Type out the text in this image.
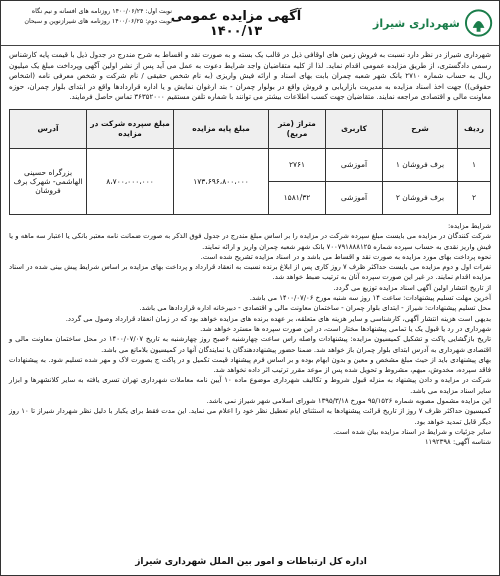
شهرداری شیراز
آگهی مزایده عمومی ۱۴۰۰/۱۳
نوبت اول: ۱۴۰۰/۰۶/۲۴ روزنامه های افسانه و نیم نگاه
نوبت دوم: ۱۴۰۰/۰۶/۲۵ روزنامه های شیرازنوین و سبحان
شهرداری شیراز در نظر دارد نسبت به فروش زمین های اوقافی ذیل در قالب یک بسته و به صورت نقد و اقساط به شرح مندرج در جدول ذیل با قیمت پایه کارشناس رسمی دادگستری، از طریق مزایده عمومی اقدام نماید. لذا از کلیه متقاضیان واجد شرایط دعوت به عمل می آید پس از نشر اولین آگهی وپرداخت مبلغ یک میلیون ریال به حساب شماره ۲۷۱۰ بانک شهر شعبه چمران بابت بهای اسناد و ارائه فیش واریزی (به نام شخص حقیقی / نام شرکت و شخص معرفی نامه (اشخاص حقوقی)) جهت اخذ اسناد مزایده به مدیریت بازاریابی و فروش واقع در بولوار چمران - بند ارغوان نمایش و یا اداره قراردادها واقع در ابتدای بلوار چمران، حوزه معاونت مالی و اقتصادی مراجعه نمایند. متقاضیان جهت کسب اطلاعات بیشتر می توانند با شماره تلفن مستقیم ۳۶۳۵۲۰۰۰ تماس حاصل فرمایند.
ردیف	شرح	کاربری	متراژ (متر مربع)	مبلغ پایه مزایده	مبلغ سپرده شرکت در مزایده	آدرس
۱	برف فروشان ۱	آموزشی	۲۷۶۱	۱۷۳،۶۹۶،۸۰۰،۰۰۰	۸،۷۰۰،۰۰۰،۰۰۰	بزرگراه حسینی الهاشمی- شهرک برف فروشان
۲	برف فروشان ۲	آموزشی	۱۵۸۱/۳۲			

شرایط مزایده:

شرکت کنندگان در مزایده می بایست مبلغ سپرده شرکت در مزایده را بر اساس مبلغ مندرج در جدول فوق الذکر به صورت ضمانت نامه معتبر بانکی یا اعتبار سه ماهه و یا فیش واریز نقدی به حساب سپرده شماره ۷۰۰۷۹۱۸۸۸۱۲۵ بانک شهر شعبه چمران واریز و ارائه نمایند.

نحوه پرداخت بهای مورد مزایده به صورت نقد و اقساط می باشد و در اسناد مزایده تشریح شده است.

نفرات اول و دوم مزایده می بایست حداکثر ظرف ۷ روز کاری پس از ابلاغ برنده نسبت به انعقاد قرارداد و پرداخت بهای مزایده بر اساس شرایط پیش بینی شده در اسناد مزایده اقدام نمایند. در غیر این صورت سپرده آنان به ترتیب ضبط خواهد شد.

از تاریخ انتشار اولین آگهی اسناد مزایده توزیع می گردد.

آخرین مهلت تسلیم پیشنهادات: ساعت ۱۴ روز سه شنبه مورخ ۱۴۰۰/۰۷/۰۶ می باشد.

محل تسلیم پیشنهادات: شیراز - ابتدای بلوار چمران - ساختمان معاونت مالی و اقتصادی - دبیرخانه اداره قراردادها می باشد.

بدیهی است هزینه انتشار آگهی، کارشناسی و سایر هزینه های متعلقه، بر عهده برنده های مزایده خواهد بود که در زمان انعقاد قرارداد وصول می گردد.

شهرداری در رد یا قبول یک یا تمامی پیشنهادها مختار است، در این صورت سپرده ها مسترد خواهد شد.

تاریخ بازگشایی پاکت و تشکیل کمیسیون مزایده: پیشنهادات واصله راس ساعت چهارشنبه ۶صبح روز چهارشنبه به تاریخ ۱۴۰۰/۰۷/۰۷ در محل ساختمان معاونت مالی و اقتصادی شهرداری به آدرس ابتدای بلوار چمران باز خواهد شد. ضمنا حضور پیشنهاددهندگان یا نمایندگان آنها در کمیسیون بلامانع می باشد.

بهای پیشنهادی باید از حیث مبلغ مشخص و معین و بدون ابهام بوده و بر اساس فرم پیشنهاد قیمت تکمیل و در پاکت ج بصورت لاک و مهر شده تسلیم شود. به پیشنهادات فاقد سپرده، مخدوش، مبهم، مشروط و تحویل شده پس از موعد مقرر ترتیب اثر داده نخواهد شد.

شرکت در مزایده و دادن پیشنهاد به منزله قبول شروط و تکالیف شهرداری موضوع ماده ۱۰ آیین نامه معاملات شهرداری تهران تسری یافته به سایر کلانشهرها و ابزار سایر اسناد مزایده می باشد.

این مزایده مشمول مصوبه شماره ۹۵/۱۵۲۶ مورخ ۱۳۹۵/۳/۱۸ شورای اسلامی شهر شیراز نمی باشد.

کمیسیون حداکثر ظرف ۷ روز از تاریخ قرائت پیشنهادها به استثنای ایام تعطیل نظر خود را اعلام می نماید. این مدت فقط برای یکبار با دلیل نظر شهردار شیراز تا ۱۰ روز دیگر قابل تمدید خواهد بود.

سایر جزئیات و شرایط در اسناد مزایده بیان شده است.

شناسه آگهی: ۱۱۹۲۳۹۸

اداره کل ارتباطات و امور بین الملل شهرداری شیراز
